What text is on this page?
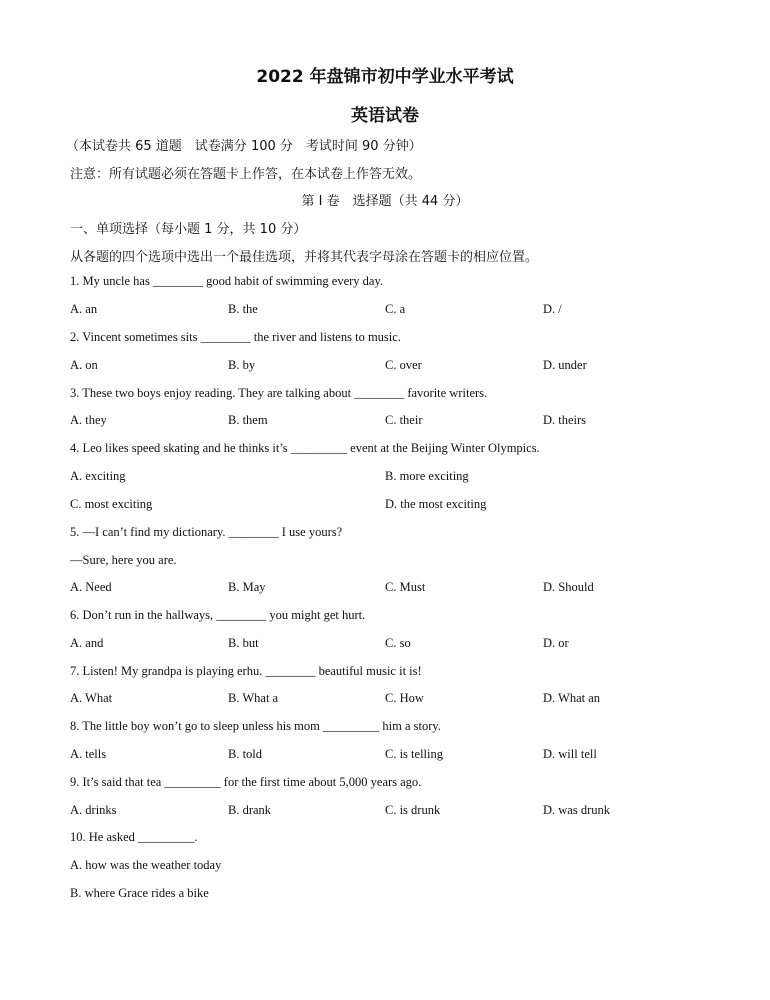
2022 年盘锦市初中学业水平考试
英语试卷
（本试卷共 65 道题　试卷满分 100 分　考试时间 90 分钟）
注意：所有试题必须在答题卡上作答，在本试卷上作答无效。
第 I 卷　选择题（共 44 分）
一、单项选择（每小题 1 分，共 10 分）
从各题的四个选项中选出一个最佳选项，并将其代表字母涂在答题卡的相应位置。
1. My uncle has ________ good habit of swimming every day.
A. an	B. the	C. a	D. /
2. Vincent sometimes sits ________ the river and listens to music.
A. on	B. by	C. over	D. under
3. These two boys enjoy reading. They are talking about ________ favorite writers.
A. they	B. them	C. their	D. theirs
4. Leo likes speed skating and he thinks it’s _________ event at the Beijing Winter Olympics.
A. exciting	B. more exciting
C. most exciting	D. the most exciting
5. —I can’t find my dictionary. ________ I use yours?
—Sure, here you are.
A. Need	B. May	C. Must	D. Should
6. Don’t run in the hallways, ________ you might get hurt.
A. and	B. but	C. so	D. or
7. Listen! My grandpa is playing erhu. ________ beautiful music it is!
A. What	B. What a	C. How	D. What an
8. The little boy won’t go to sleep unless his mom _________ him a story.
A. tells	B. told	C. is telling	D. will tell
9. It’s said that tea _________ for the first time about 5,000 years ago.
A. drinks	B. drank	C. is drunk	D. was drunk
10. He asked _________.
A. how was the weather today
B. where Grace rides a bike
